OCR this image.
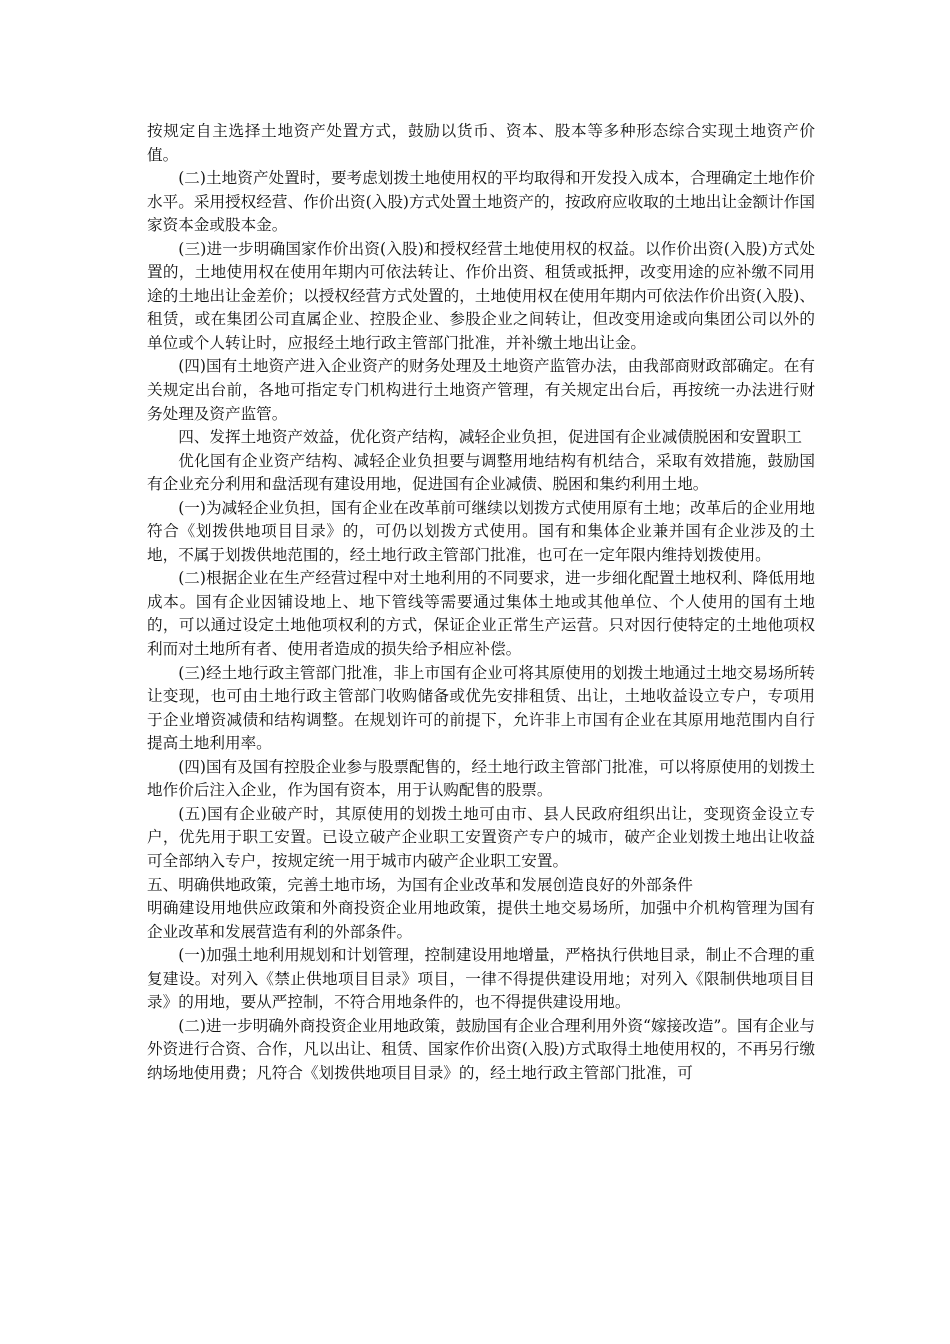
按规定自主选择土地资产处置方式，鼓励以货币、资本、股本等多种形态综合实现土地资产价值。

(二)土地资产处置时，要考虑划拨土地使用权的平均取得和开发投入成本，合理确定土地作价水平。采用授权经营、作价出资(入股)方式处置土地资产的，按政府应收取的土地出让金额计作国家资本金或股本金。

(三)进一步明确国家作价出资(入股)和授权经营土地使用权的权益。以作价出资(入股)方式处置的，土地使用权在使用年期内可依法转让、作价出资、租赁或抵押，改变用途的应补缴不同用途的土地出让金差价；以授权经营方式处置的，土地使用权在使用年期内可依法作价出资(入股)、租赁，或在集团公司直属企业、控股企业、参股企业之间转让，但改变用途或向集团公司以外的单位或个人转让时，应报经土地行政主管部门批准，并补缴土地出让金。

(四)国有土地资产进入企业资产的财务处理及土地资产监管办法，由我部商财政部确定。在有关规定出台前，各地可指定专门机构进行土地资产管理，有关规定出台后，再按统一办法进行财务处理及资产监管。

四、发挥土地资产效益，优化资产结构，减轻企业负担，促进国有企业减债脱困和安置职工

优化国有企业资产结构、减轻企业负担要与调整用地结构有机结合，采取有效措施，鼓励国有企业充分利用和盘活现有建设用地，促进国有企业减债、脱困和集约利用土地。

(一)为减轻企业负担，国有企业在改革前可继续以划拨方式使用原有土地；改革后的企业用地符合《划拨供地项目目录》的，可仍以划拨方式使用。国有和集体企业兼并国有企业涉及的土地，不属于划拨供地范围的，经土地行政主管部门批准，也可在一定年限内维持划拨使用。

(二)根据企业在生产经营过程中对土地利用的不同要求，进一步细化配置土地权利、降低用地成本。国有企业因铺设地上、地下管线等需要通过集体土地或其他单位、个人使用的国有土地的，可以通过设定土地他项权利的方式，保证企业正常生产运营。只对因行使特定的土地他项权利而对土地所有者、使用者造成的损失给予相应补偿。

(三)经土地行政主管部门批准，非上市国有企业可将其原使用的划拨土地通过土地交易场所转让变现，也可由土地行政主管部门收购储备或优先安排租赁、出让，土地收益设立专户，专项用于企业增资减债和结构调整。在规划许可的前提下，允许非上市国有企业在其原用地范围内自行提高土地利用率。

(四)国有及国有控股企业参与股票配售的，经土地行政主管部门批准，可以将原使用的划拨土地作价后注入企业，作为国有资本，用于认购配售的股票。

(五)国有企业破产时，其原使用的划拨土地可由市、县人民政府组织出让，变现资金设立专户，优先用于职工安置。已设立破产企业职工安置资产专户的城市，破产企业划拨土地出让收益可全部纳入专户，按规定统一用于城市内破产企业职工安置。

五、明确供地政策，完善土地市场，为国有企业改革和发展创造良好的外部条件

明确建设用地供应政策和外商投资企业用地政策，提供土地交易场所，加强中介机构管理为国有企业改革和发展营造有利的外部条件。

(一)加强土地利用规划和计划管理，控制建设用地增量，严格执行供地目录，制止不合理的重复建设。对列入《禁止供地项目目录》项目，一律不得提供建设用地；对列入《限制供地项目目录》的用地，要从严控制，不符合用地条件的，也不得提供建设用地。

(二)进一步明确外商投资企业用地政策，鼓励国有企业合理利用外资“嫁接改造”。国有企业与外资进行合资、合作，凡以出让、租赁、国家作价出资(入股)方式取得土地使用权的，不再另行缴纳场地使用费；凡符合《划拨供地项目目录》的，经土地行政主管部门批准，可
